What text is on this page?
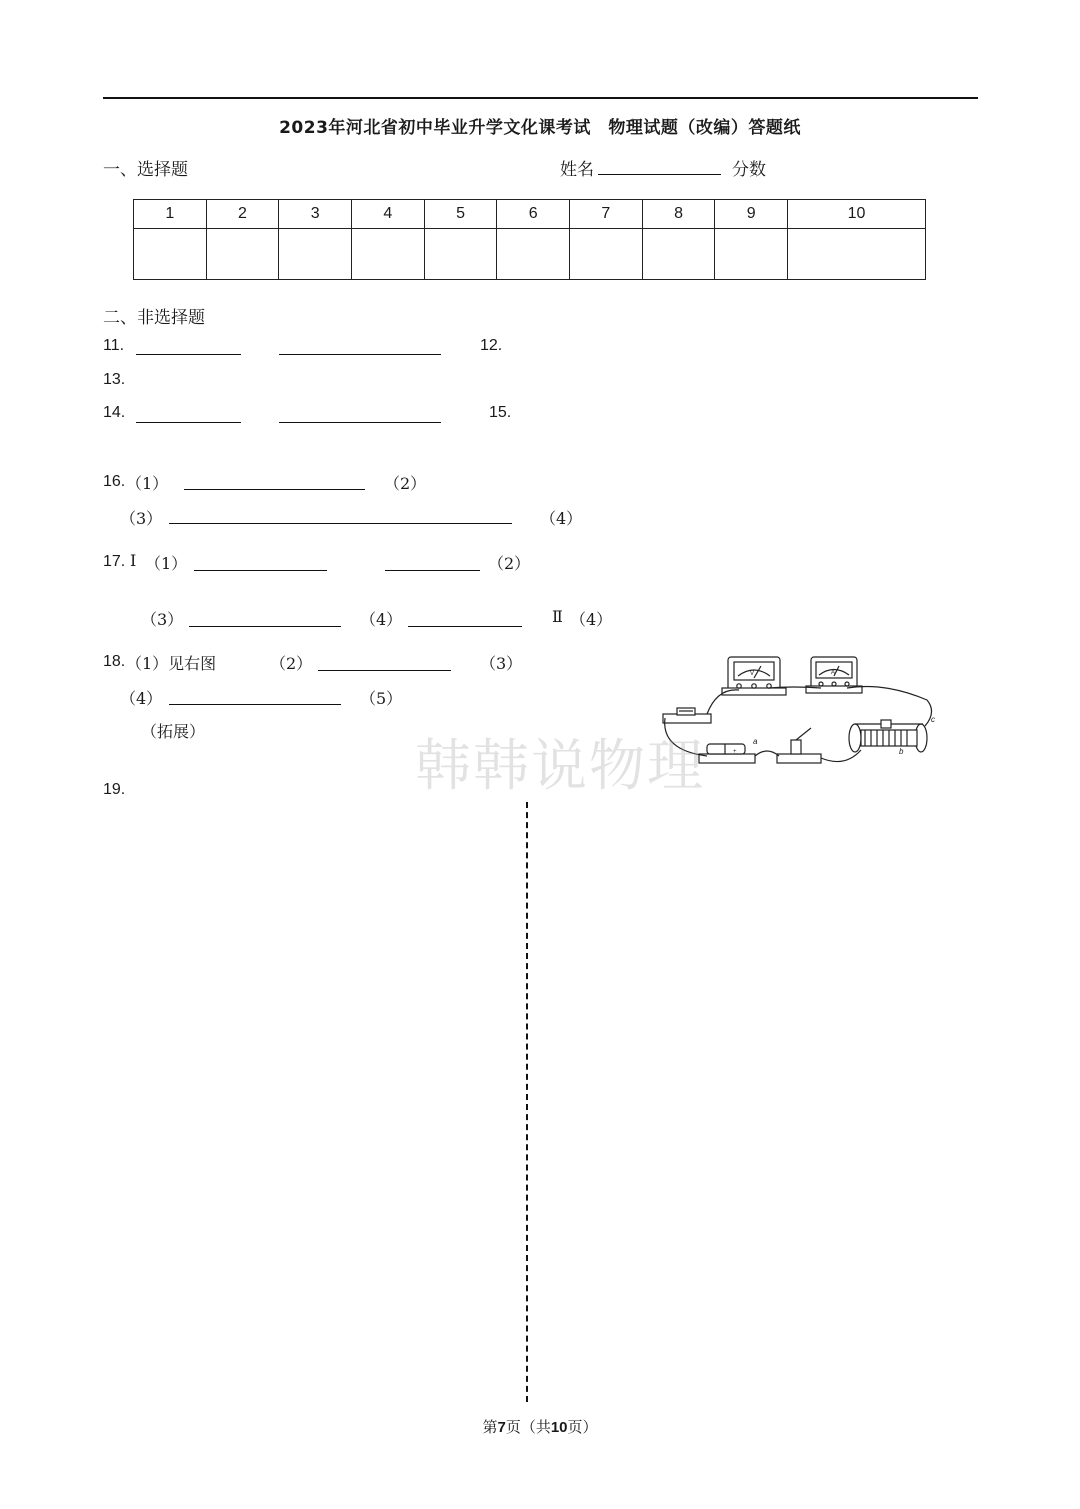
2023年河北省初中毕业升学文化课考试　物理试题（改编）答题纸
一、选择题	姓名	分数
1	2	3	4	5	6	7	8	9	10

二、非选择题
11.	12.
13.
14.	15.
16. （1）	（2）
（3）	（4）
17. Ⅰ （1）	（2）
（3）	（4）	Ⅱ （4）
18. （1）见右图	（2）	（3）
（4）	（5）
（拓展）
V	A
+
a
b
c
韩韩说物理
19.
第7页（共10页）
